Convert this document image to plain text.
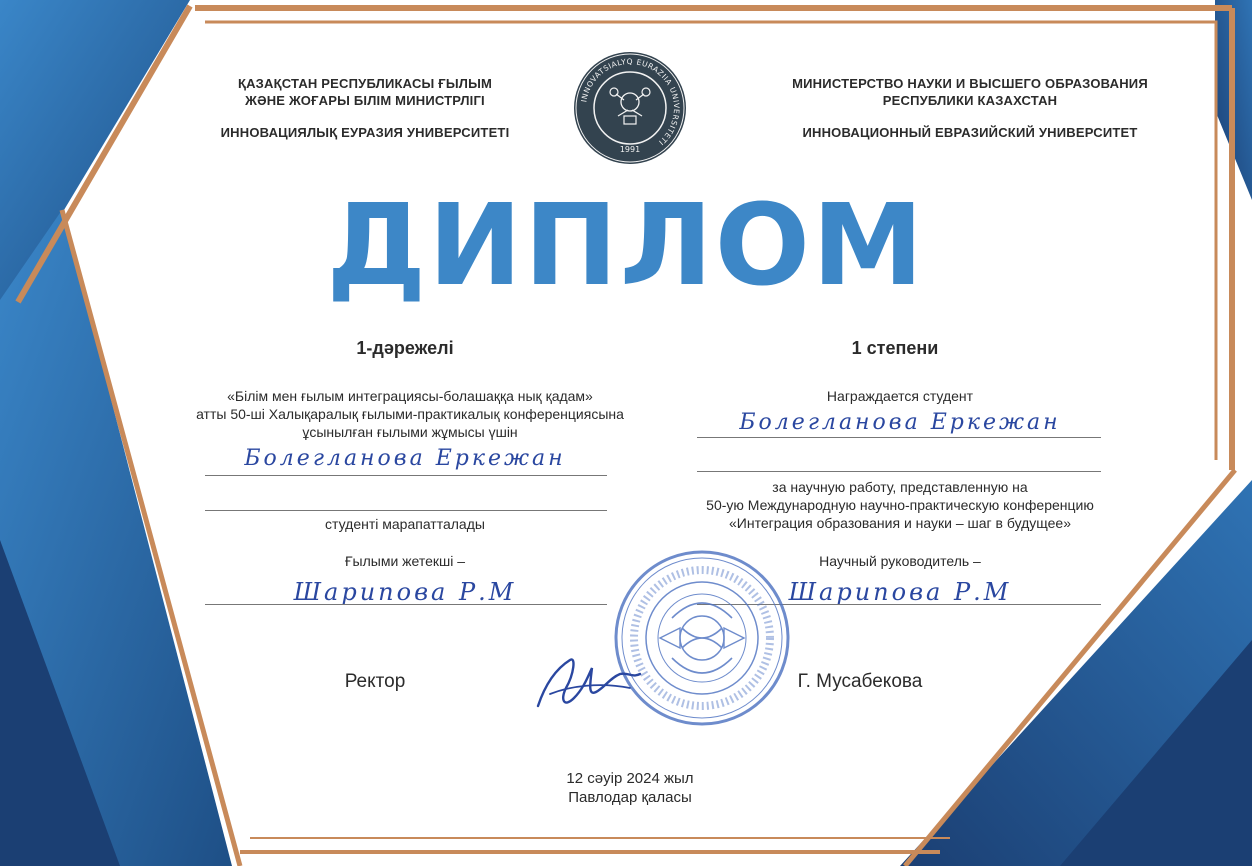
ҚАЗАҚСТАН РЕСПУБЛИКАСЫ ҒЫЛЫМ
ЖӘНЕ ЖОҒАРЫ БІЛІМ МИНИСТРЛІГІ
ИННОВАЦИЯЛЫҚ ЕУРАЗИЯ УНИВЕРСИТЕТІ
МИНИСТЕРСТВО НАУКИ И ВЫСШЕГО ОБРАЗОВАНИЯ
РЕСПУБЛИКИ КАЗАХСТАН
ИННОВАЦИОННЫЙ ЕВРАЗИЙСКИЙ УНИВЕРСИТЕТ
INNOVATSIALYQ EURAZIIA UNIVERSITETI
1991
ДИПЛОМ
1-дәрежелі	1 степени
«Білім мен ғылым интеграциясы-болашаққа нық қадам»
атты 50-ші Халықаралық ғылыми-практикалық конференциясына
ұсынылған ғылыми жұмысы үшін
Болегланова Еркежан
студенті марапатталады
Ғылыми жетекші –
Шарипова Р.М
Награждается студент
Болегланова Еркежан
за научную работу, представленную на
50-ую Международную научно-практическую конференцию
«Интеграция образования и науки – шаг в будущее»
Научный руководитель –
Шарипова Р.М
Ректор	Г. Мусабекова
12 сәуір 2024 жыл
Павлодар қаласы
